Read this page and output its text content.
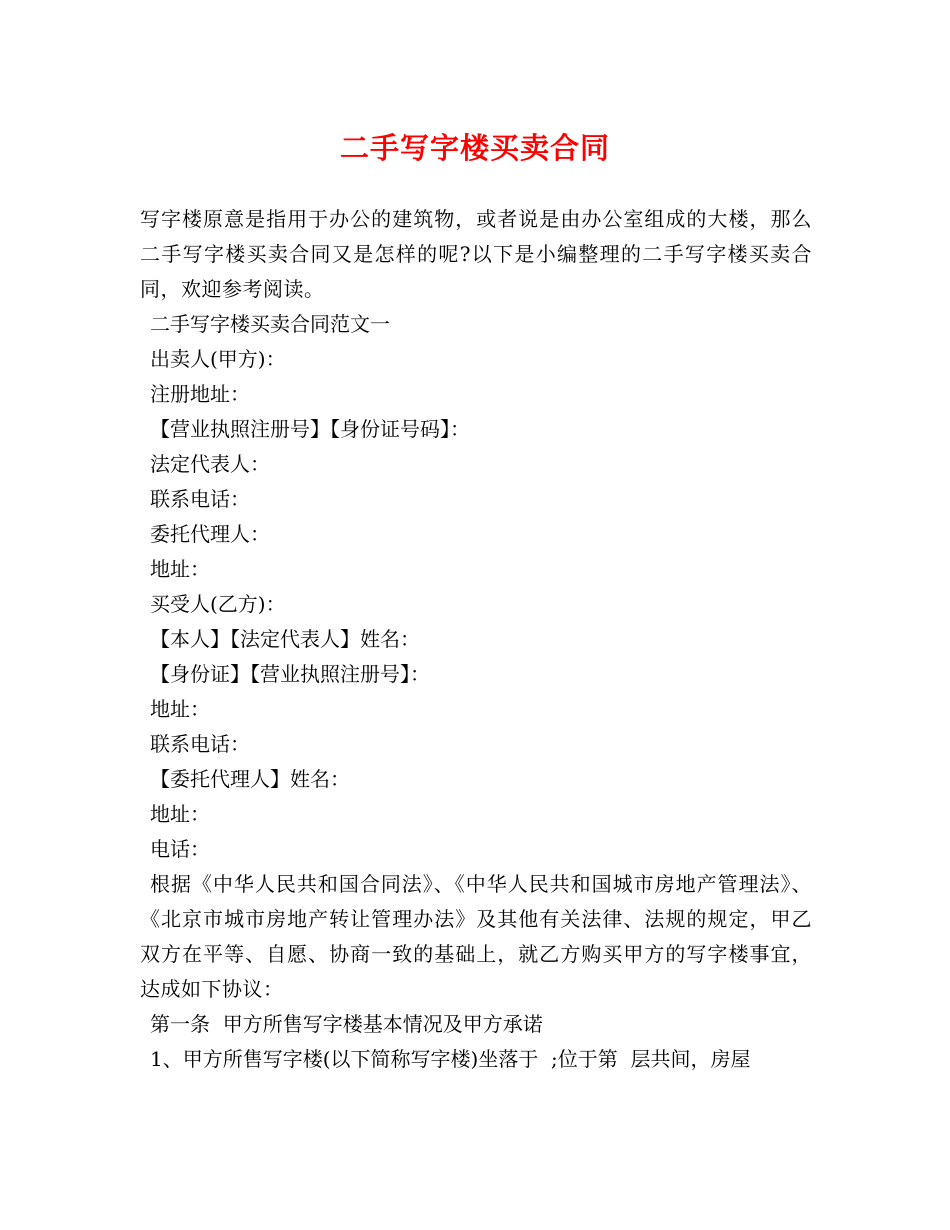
二手写字楼买卖合同

写字楼原意是指用于办公的建筑物，或者说是由办公室组成的大楼，那么二手写字楼买卖合同又是怎样的呢?以下是小编整理的二手写字楼买卖合同，欢迎参考阅读。

二手写字楼买卖合同范文一

出卖人(甲方)：

注册地址：

【营业执照注册号】【身份证号码】：

法定代表人：

联系电话：

委托代理人：

地址：

买受人(乙方)：

【本人】【法定代表人】姓名：

【身份证】【营业执照注册号】：

地址：

联系电话：

【委托代理人】姓名：

地址：

电话：

根据《中华人民共和国合同法》、《中华人民共和国城市房地产管理法》、《北京市城市房地产转让管理办法》及其他有关法律、法规的规定，甲乙双方在平等、自愿、协商一致的基础上，就乙方购买甲方的写字楼事宜，达成如下协议：

第一条  甲方所售写字楼基本情况及甲方承诺

1、甲方所售写字楼(以下简称写字楼)坐落于  ;位于第  层共间，房屋
